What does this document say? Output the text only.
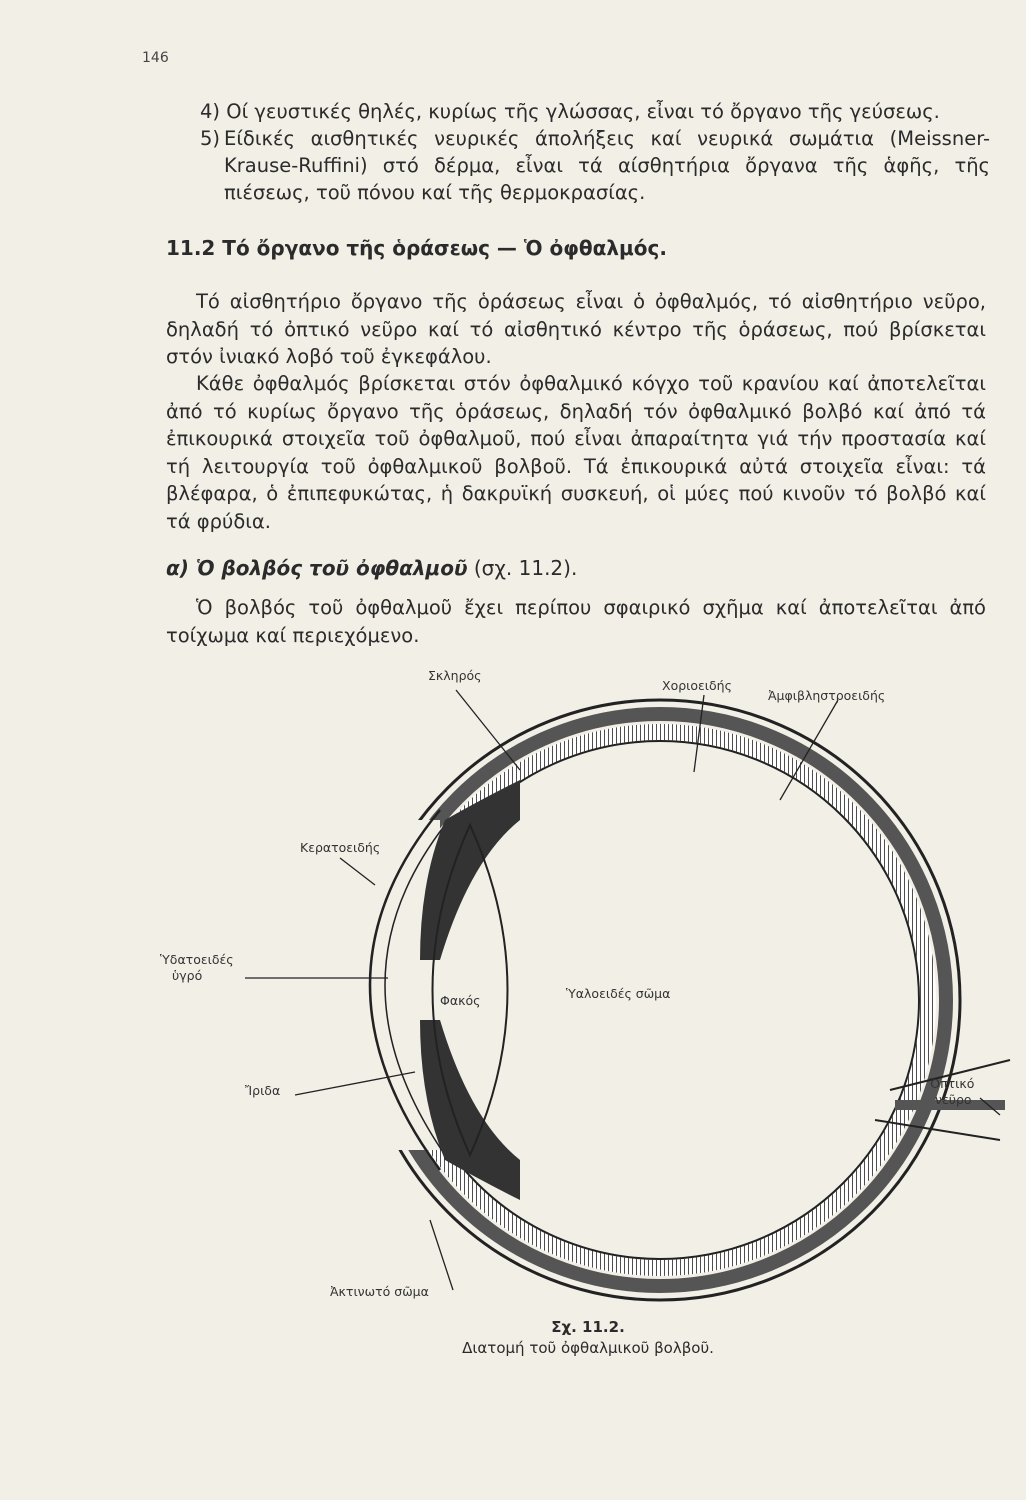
146
4) Οί γευστικές θηλές, κυρίως τῆς γλώσσας, εἶναι τό ὄργανο τῆς γεύσεως.
5) Είδικές αισθητικές νευρικές άπολήξεις καί νευρικά σωμάτια (Meissner-Krause-Ruffini) στό δέρμα, εἶναι τά αίσθητήρια ὄργανα τῆς ἁφῆς, τῆς πιέσεως, τοῦ πόνου καί τῆς θερμοκρασίας.
11.2 Τό ὄργανο τῆς ὁράσεως — Ὁ ὀφθαλμός.
Τό αἰσθητήριο ὄργανο τῆς ὁράσεως εἶναι ὁ ὀφθαλμός, τό αἰσθητήριο νεῦρο, δηλαδή τό ὀπτικό νεῦρο καί τό αἰσθητικό κέντρο τῆς ὁράσεως, πού βρίσκεται στόν ἰνιακό λοβό τοῦ ἐγκεφάλου.
Κάθε ὀφθαλμός βρίσκεται στόν ὀφθαλμικό κόγχο τοῦ κρανίου καί ἀποτελεῖται ἀπό τό κυρίως ὄργανο τῆς ὁράσεως, δηλαδή τόν ὀφθαλμικό βολβό καί ἀπό τά ἐπικουρικά στοιχεῖα τοῦ ὀφθαλμοῦ, πού εἶναι ἀπαραίτητα γιά τήν προστασία καί τή λειτουργία τοῦ ὀφθαλμικοῦ βολβοῦ. Τά ἐπικουρικά αὐτά στοιχεῖα εἶναι: τά βλέφαρα, ὁ ἐπιπεφυκώτας, ἡ δακρυϊκή συσκευή, οἱ μύες πού κινοῦν τό βολβό καί τά φρύδια.
α) Ὁ βολβός τοῦ ὀφθαλμοῦ (σχ. 11.2).
Ὁ βολβός τοῦ ὀφθαλμοῦ ἔχει περίπου σφαιρικό σχῆμα καί ἀποτελεῖται ἀπό τοίχωμα καί περιεχόμενο.
Σκληρός
Χοριοειδής
Ἀμφιβληστροειδής
Κερατοειδής
Ὑδατοειδές
ὑγρό
Φακός	Ὑαλοειδές σῶμα
Ἴριδα	Ὀπτικό
νεῦρο
Ἀκτινωτό σῶμα
Σχ. 11.2.
Διατομή τοῦ ὀφθαλμικοῦ βολβοῦ.
